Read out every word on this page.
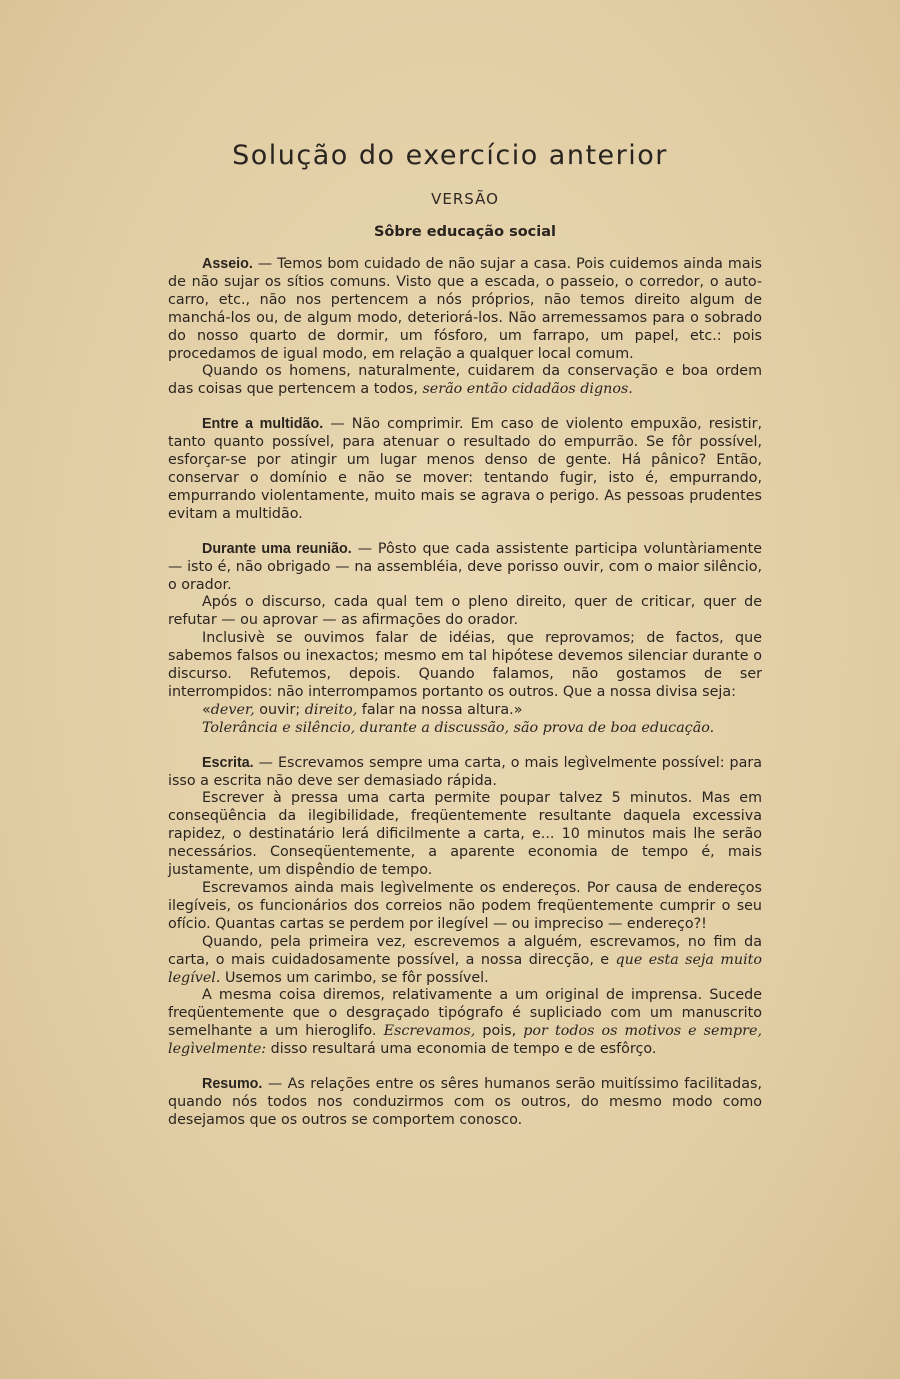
Solução do exercício anterior
VERSÃO
Sôbre educação social

Asseio. — Temos bom cuidado de não sujar a casa. Pois cuidemos ainda mais de não sujar os sítios comuns. Visto que a escada, o passeio, o corredor, o auto-carro, etc., não nos pertencem a nós próprios, não temos direito algum de manchá-los ou, de algum modo, deteriorá-los. Não arremessamos para o sobrado do nosso quarto de dormir, um fósforo, um farrapo, um papel, etc.: pois procedamos de igual modo, em relação a qualquer local comum.

Quando os homens, naturalmente, cuidarem da conservação e boa ordem das coisas que pertencem a todos, serão então cidadãos dignos.

Entre a multidão. — Não comprimir. Em caso de violento empuxão, resistir, tanto quanto possível, para atenuar o resultado do empurrão. Se fôr possível, esforçar-se por atingir um lugar menos denso de gente. Há pânico? Então, conservar o domínio e não se mover: tentando fugir, isto é, empurrando, empurrando violentamente, muito mais se agrava o perigo. As pessoas prudentes evitam a multidão.

Durante uma reunião. — Pôsto que cada assistente participa voluntàriamente — isto é, não obrigado — na assembléia, deve porisso ouvir, com o maior silêncio, o orador.

Após o discurso, cada qual tem o pleno direito, quer de criticar, quer de refutar — ou aprovar — as afirmações do orador.

Inclusivè se ouvimos falar de idéias, que reprovamos; de factos, que sabemos falsos ou inexactos; mesmo em tal hipótese devemos silenciar durante o discurso. Refutemos, depois. Quando falamos, não gostamos de ser interrompidos: não interrompamos portanto os outros. Que a nossa divisa seja:

«dever, ouvir; direito, falar na nossa altura.»

Tolerância e silêncio, durante a discussão, são prova de boa educação.

Escrita. — Escrevamos sempre uma carta, o mais legìvelmente possível: para isso a escrita não deve ser demasiado rápida.

Escrever à pressa uma carta permite poupar talvez 5 minutos. Mas em conseqüência da ilegibilidade, freqüentemente resultante daquela excessiva rapidez, o destinatário lerá dificilmente a carta, e... 10 minutos mais lhe serão necessários. Conseqüentemente, a aparente economia de tempo é, mais justamente, um dispêndio de tempo.

Escrevamos ainda mais legìvelmente os endereços. Por causa de endereços ilegíveis, os funcionários dos correios não podem freqüentemente cumprir o seu ofício. Quantas cartas se perdem por ilegível — ou impreciso — endereço?!

Quando, pela primeira vez, escrevemos a alguém, escrevamos, no fim da carta, o mais cuidadosamente possível, a nossa direcção, e que esta seja muito legível. Usemos um carimbo, se fôr possível.

A mesma coisa diremos, relativamente a um original de imprensa. Sucede freqüentemente que o desgraçado tipógrafo é supliciado com um manuscrito semelhante a um hieroglifo. Escrevamos, pois, por todos os motivos e sempre, legìvelmente: disso resultará uma economia de tempo e de esfôrço.

Resumo. — As relações entre os sêres humanos serão muitíssimo facilitadas, quando nós todos nos conduzirmos com os outros, do mesmo modo como desejamos que os outros se comportem conosco.
